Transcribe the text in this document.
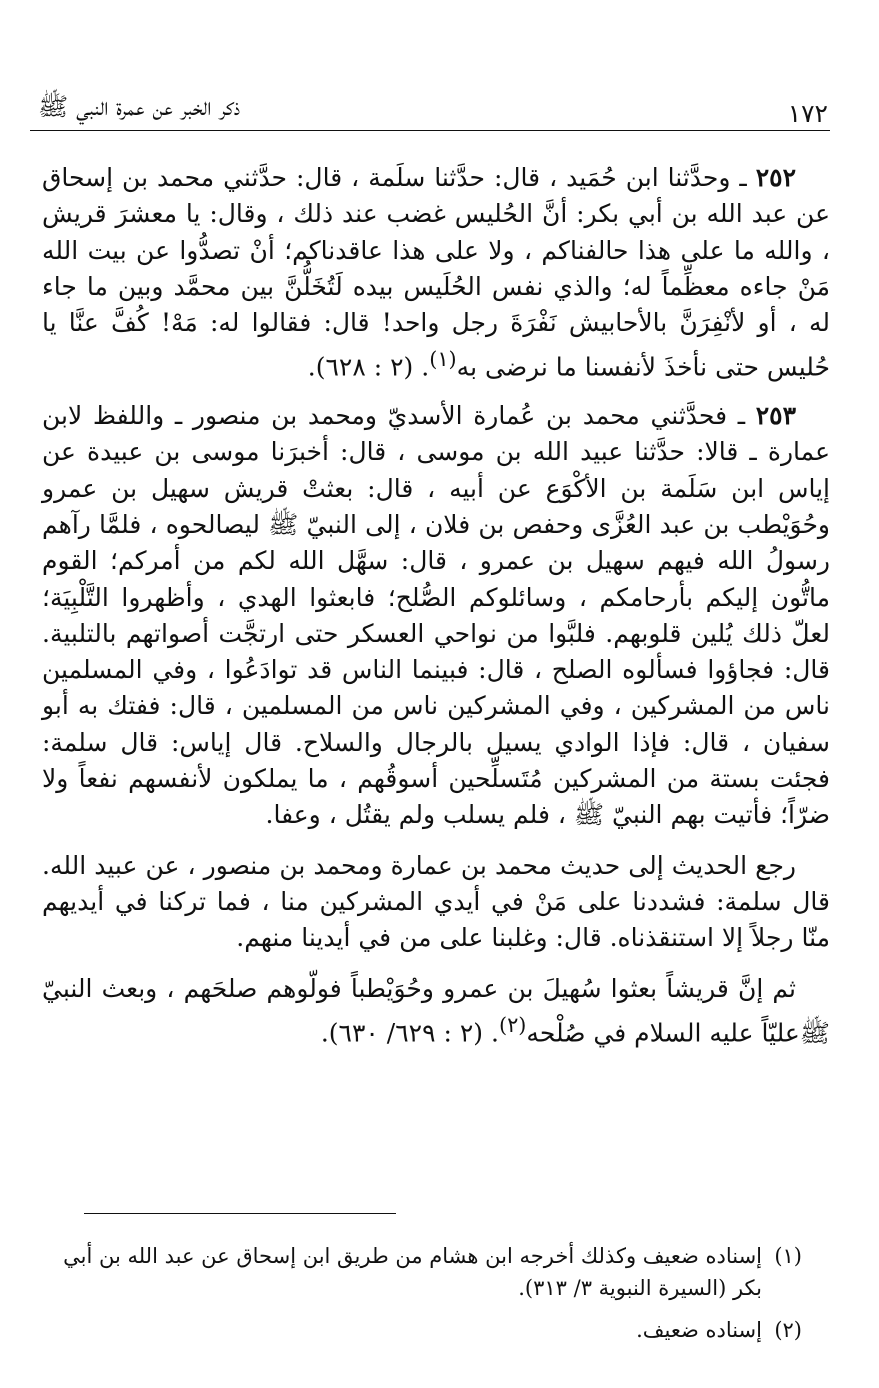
١٧٢
ذكر الخبر عن عمرة النبي ﷺ

٢٥٢ ـ وحدَّثنا ابن حُمَيد ، قال: حدَّثنا سلَمة ، قال: حدَّثني محمد بن إسحاق عن عبد الله بن أبي بكر: أنَّ الحُليس غضب عند ذلك ، وقال: يا معشرَ قريش ، والله ما على هذا حالفناكم ، ولا على هذا عاقدناكم؛ أنْ تصدُّوا عن بيت الله مَنْ جاءه معظِّماً له؛ والذي نفس الحُلَيس بيده لَتُخَلُّنَّ بين محمَّد وبين ما جاء له ، أو لأنْفِرَنَّ بالأحابيش نَفْرَةَ رجل واحد! قال: فقالوا له: مَهْ! كُفَّ عنَّا يا حُليس حتى نأخذَ لأنفسنا ما نرضى به$^{(١)}$. (٢ : ٦٢٨).

٢٥٣ ـ فحدَّثني محمد بن عُمارة الأسديّ ومحمد بن منصور ـ واللفظ لابن عمارة ـ قالا: حدَّثنا عبيد الله بن موسى ، قال: أخبرَنا موسى بن عبيدة عن إياس ابن سَلَمة بن الأكْوَع عن أبيه ، قال: بعثتْ قريش سهيل بن عمرو وحُوَيْطب بن عبد العُزَّى وحفص بن فلان ، إلى النبيّ ﷺ ليصالحوه ، فلمَّا رآهم رسولُ الله فيهم سهيل بن عمرو ، قال: سهَّل الله لكم من أمركم؛ القوم ماتُّون إليكم بأرحامكم ، وسائلوكم الصُّلح؛ فابعثوا الهدي ، وأظهروا التَّلْبِيَة؛ لعلّ ذلك يُلين قلوبهم. فلبَّوا من نواحي العسكر حتى ارتجَّت أصواتهم بالتلبية. قال: فجاؤوا فسألوه الصلح ، قال: فبينما الناس قد توادَعُوا ، وفي المسلمين ناس من المشركين ، وفي المشركين ناس من المسلمين ، قال: ففتك به أبو سفيان ، قال: فإذا الوادي يسيل بالرجال والسلاح. قال إياس: قال سلمة: فجئت بستة من المشركين مُتَسلِّحين أسوقُهم ، ما يملكون لأنفسهم نفعاً ولا ضرّاً؛ فأتيت بهم النبيّ ﷺ ، فلم يسلب ولم يقتُل ، وعفا.

رجع الحديث إلى حديث محمد بن عمارة ومحمد بن منصور ، عن عبيد الله. قال سلمة: فشددنا على مَنْ في أيدي المشركين منا ، فما تركنا في أيديهم منّا رجلاً إلا استنقذناه. قال: وغلبنا على من في أيدينا منهم.

ثم إنَّ قريشاً بعثوا سُهيلَ بن عمرو وحُوَيْطباً فولّوهم صلحَهم ، وبعث النبيّ ﷺعليّاً عليه السلام في صُلْحه$^{(٢)}$. (٢ : ٦٢٩/ ٦٣٠).

(١)
إسناده ضعيف وكذلك أخرجه ابن هشام من طريق ابن إسحاق عن عبد الله بن أبي بكر (السيرة النبوية ٣/ ٣١٣).

(٢)
إسناده ضعيف.
